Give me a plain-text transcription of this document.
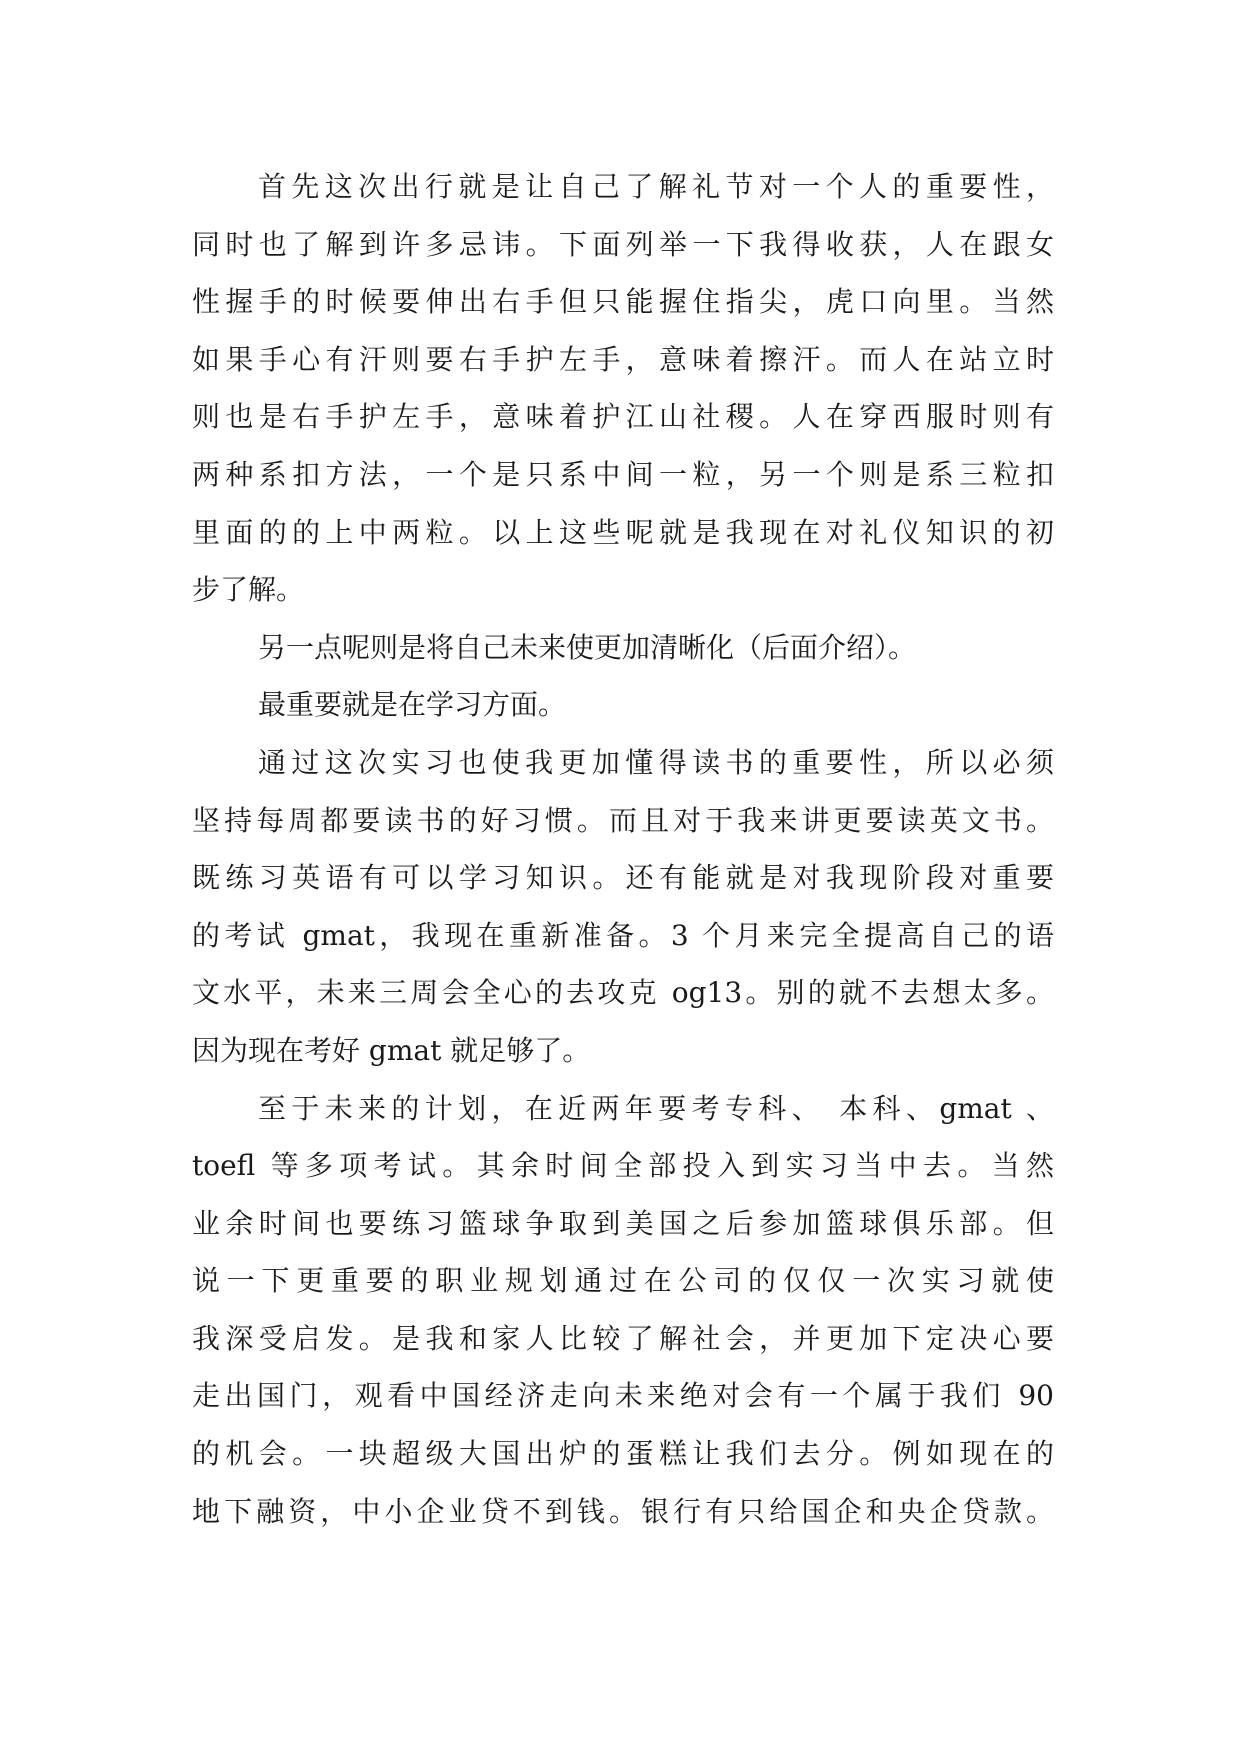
首先这次出行就是让自己了解礼节对一个人的重要性，
同时也了解到许多忌讳。下面列举一下我得收获，人在跟女
性握手的时候要伸出右手但只能握住指尖，虎口向里。当然
如果手心有汗则要右手护左手，意味着擦汗。而人在站立时
则也是右手护左手，意味着护江山社稷。人在穿西服时则有
两种系扣方法，一个是只系中间一粒，另一个则是系三粒扣
里面的的上中两粒。以上这些呢就是我现在对礼仪知识的初
步了解。
另一点呢则是将自己未来使更加清晰化（后面介绍）。
最重要就是在学习方面。
通过这次实习也使我更加懂得读书的重要性，所以必须
坚持每周都要读书的好习惯。而且对于我来讲更要读英文书。
既练习英语有可以学习知识。还有能就是对我现阶段对重要
的考试 gmat，我现在重新准备。3 个月来完全提高自己的语
文水平，未来三周会全心的去攻克 og13。别的就不去想太多。
因为现在考好 gmat 就足够了。
至于未来的计划，在近两年要考专科、 本科、gmat 、
toefl 等多项考试。其余时间全部投入到实习当中去。当然
业余时间也要练习篮球争取到美国之后参加篮球俱乐部。但
说一下更重要的职业规划通过在公司的仅仅一次实习就使
我深受启发。是我和家人比较了解社会，并更加下定决心要
走出国门，观看中国经济走向未来绝对会有一个属于我们 90
的机会。一块超级大国出炉的蛋糕让我们去分。例如现在的
地下融资，中小企业贷不到钱。银行有只给国企和央企贷款。
